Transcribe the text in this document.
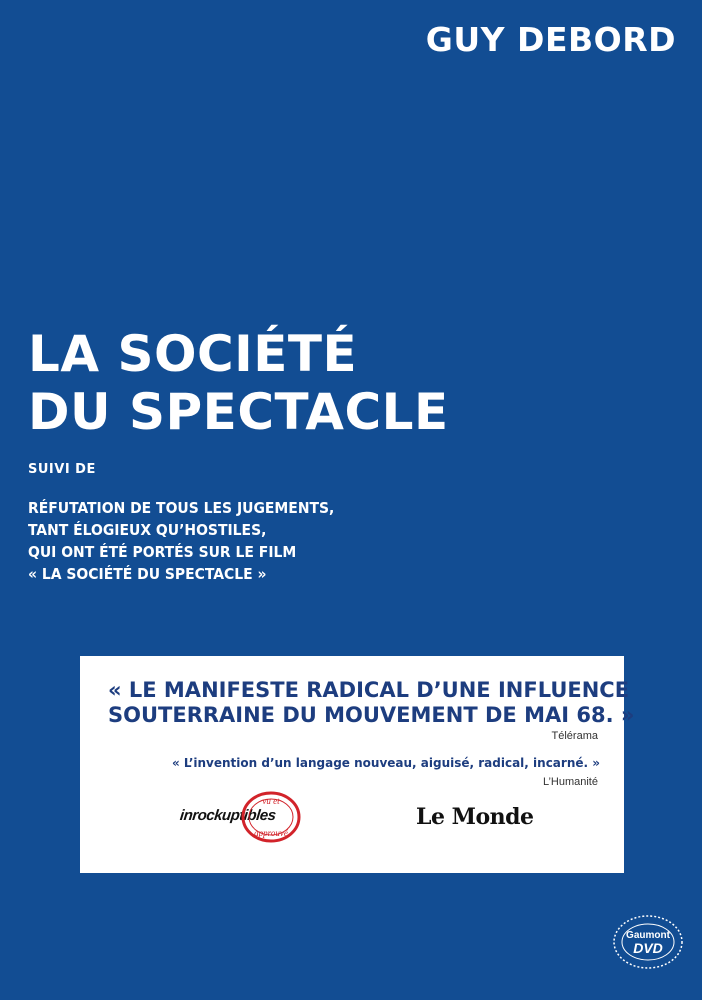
GUY DEBORD
LA SOCIÉTÉ
DU SPECTACLE
SUIVI DE
RÉFUTATION DE TOUS LES JUGEMENTS,
TANT ÉLOGIEUX QU’HOSTILES,
QUI ONT ÉTÉ PORTÉS SUR LE FILM
« LA SOCIÉTÉ DU SPECTACLE »
« LE MANIFESTE RADICAL D’UNE INFLUENCE
SOUTERRAINE DU MOUVEMENT DE MAI 68. »
Télérama
« L’invention d’un langage nouveau, aiguisé, radical, incarné. »
L’Humanité
inrockuptibles
vu et
approuvé
Le Monde
Gaumont
DVD
